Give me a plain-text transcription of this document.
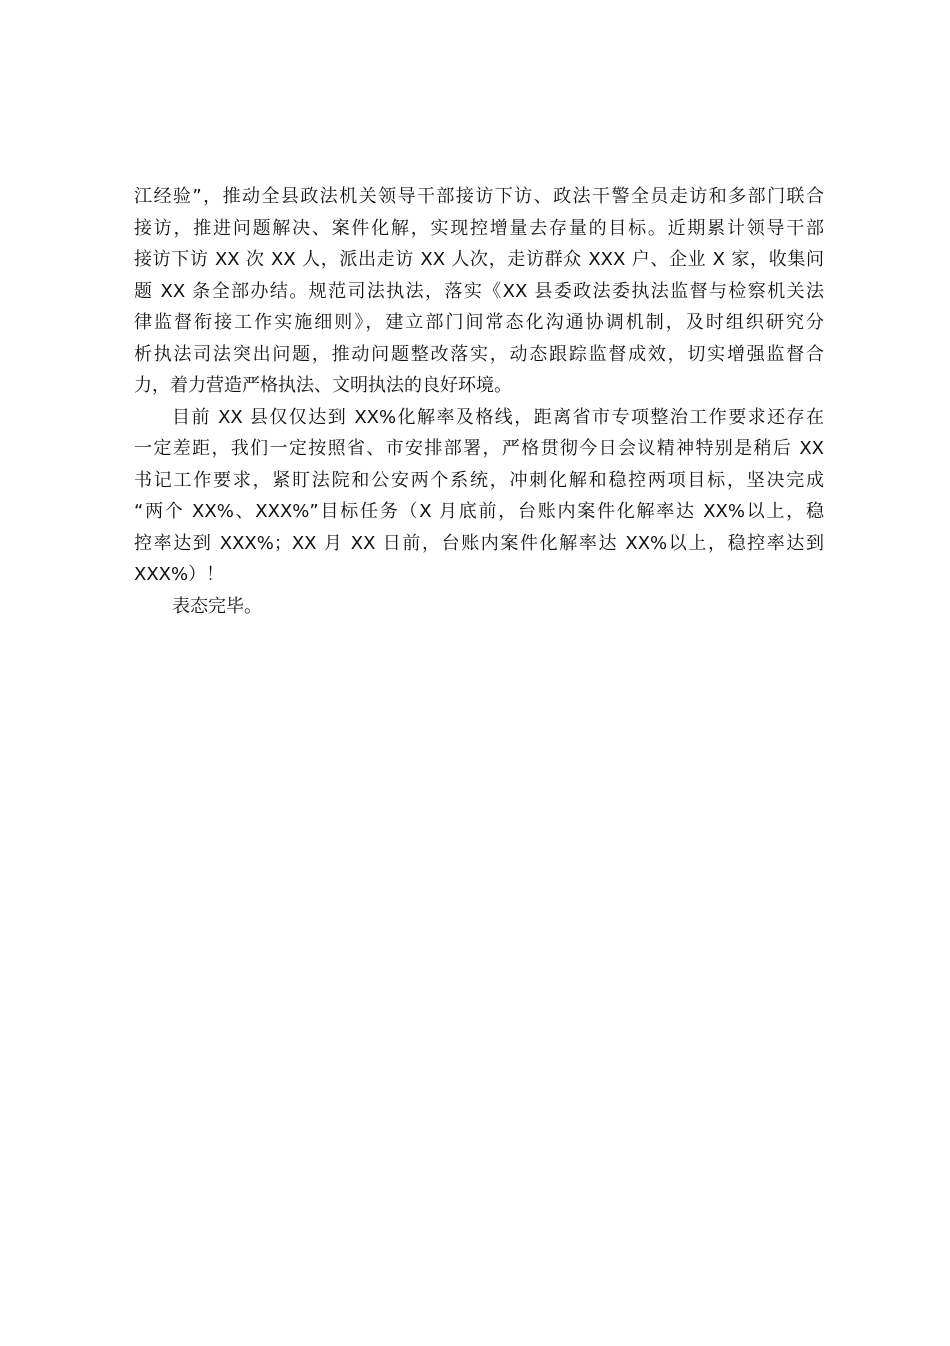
江经验”，推动全县政法机关领导干部接访下访、政法干警全员走访和多部门联合
接访，推进问题解决、案件化解，实现控增量去存量的目标。近期累计领导干部
接访下访 XX 次 XX 人，派出走访 XX 人次，走访群众 XXX 户、企业 X 家，收集问
题 XX 条全部办结。规范司法执法，落实《XX 县委政法委执法监督与检察机关法
律监督衔接工作实施细则》，建立部门间常态化沟通协调机制，及时组织研究分
析执法司法突出问题，推动问题整改落实，动态跟踪监督成效，切实增强监督合
力，着力营造严格执法、文明执法的良好环境。
目前 XX 县仅仅达到 XX%化解率及格线，距离省市专项整治工作要求还存在
一定差距，我们一定按照省、市安排部署，严格贯彻今日会议精神特别是稍后 XX
书记工作要求，紧盯法院和公安两个系统，冲刺化解和稳控两项目标，坚决完成
“两个 XX%、XXX%”目标任务（X 月底前，台账内案件化解率达 XX%以上，稳
控率达到 XXX%；XX 月 XX 日前，台账内案件化解率达 XX%以上，稳控率达到
XXX%）！
表态完毕。
